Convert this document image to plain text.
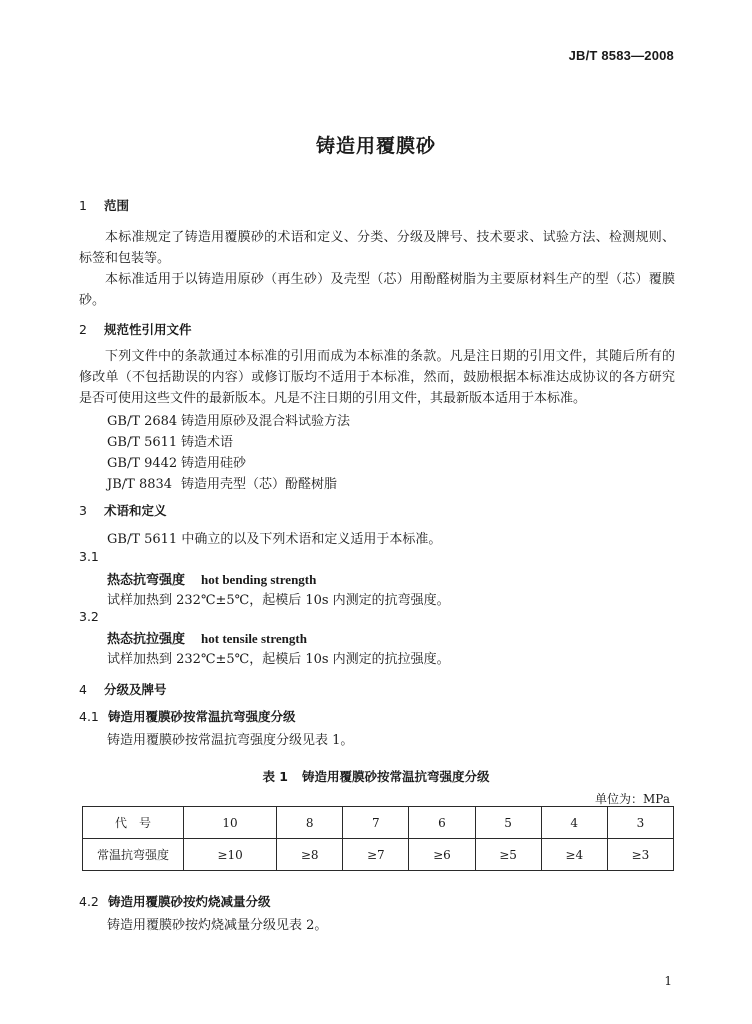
JB/T 8583—2008
铸造用覆膜砂
1 范围
本标准规定了铸造用覆膜砂的术语和定义、分类、分级及牌号、技术要求、试验方法、检测规则、标签和包装等。
本标准适用于以铸造用原砂（再生砂）及壳型（芯）用酚醛树脂为主要原材料生产的型（芯）覆膜砂。
2 规范性引用文件
下列文件中的条款通过本标准的引用而成为本标准的条款。凡是注日期的引用文件，其随后所有的修改单（不包括勘误的内容）或修订版均不适用于本标准，然而，鼓励根据本标准达成协议的各方研究是否可使用这些文件的最新版本。凡是不注日期的引用文件，其最新版本适用于本标准。
GB/T 2684 铸造用原砂及混合料试验方法
GB/T 5611 铸造术语
GB/T 9442 铸造用硅砂
JB/T 8834 铸造用壳型（芯）酚醛树脂
3 术语和定义
GB/T 5611 中确立的以及下列术语和定义适用于本标准。
3.1
热态抗弯强度 hot bending strength
试样加热到 232℃±5℃，起模后 10s 内测定的抗弯强度。
3.2
热态抗拉强度 hot tensile strength
试样加热到 232℃±5℃，起模后 10s 内测定的抗拉强度。
4 分级及牌号
4.1 铸造用覆膜砂按常温抗弯强度分级
铸造用覆膜砂按常温抗弯强度分级见表 1。
表 1 铸造用覆膜砂按常温抗弯强度分级
单位为：MPa
代　号	10	8	7	6	5	4	3
常温抗弯强度	≥10	≥8	≥7	≥6	≥5	≥4	≥3
4.2 铸造用覆膜砂按灼烧减量分级
铸造用覆膜砂按灼烧减量分级见表 2。
1
